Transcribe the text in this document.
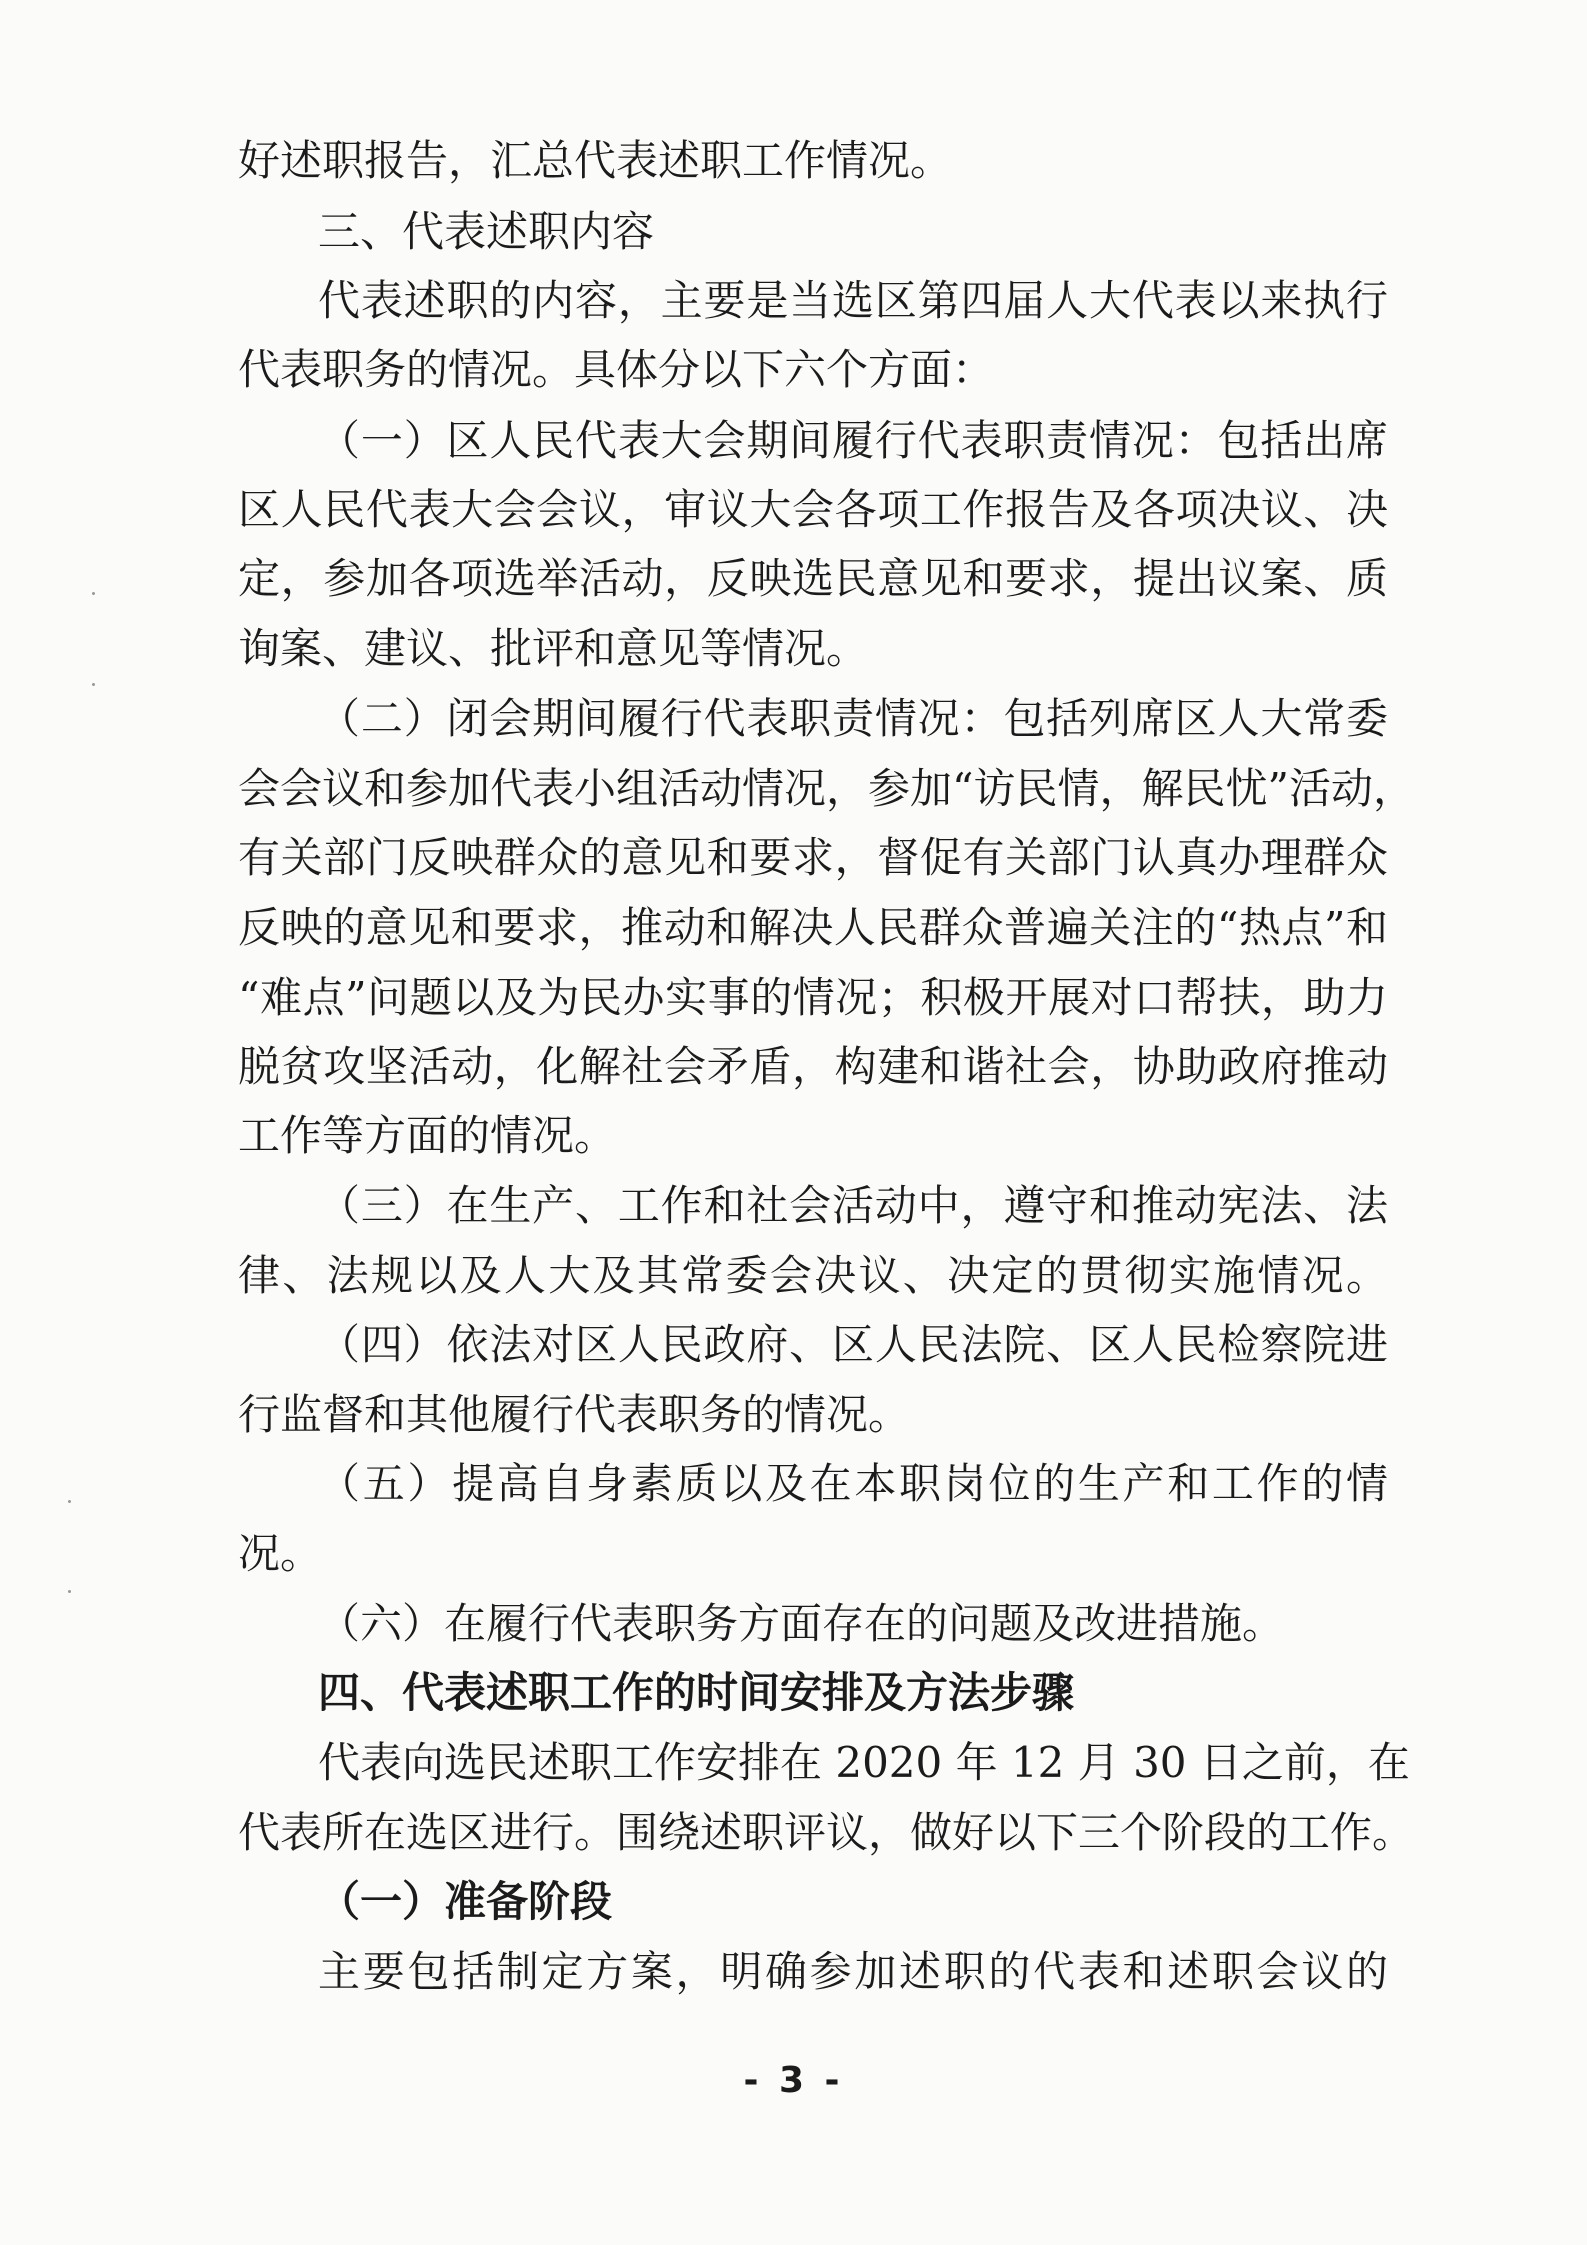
好述职报告，汇总代表述职工作情况。
三、代表述职内容
代表述职的内容，主要是当选区第四届人大代表以来执行
代表职务的情况。具体分以下六个方面：
（一）区人民代表大会期间履行代表职责情况：包括出席
区人民代表大会会议，审议大会各项工作报告及各项决议、决
定，参加各项选举活动，反映选民意见和要求，提出议案、质
询案、建议、批评和意见等情况。
（二）闭会期间履行代表职责情况：包括列席区人大常委
会会议和参加代表小组活动情况，参加“访民情，解民忧”活动，
有关部门反映群众的意见和要求，督促有关部门认真办理群众
反映的意见和要求，推动和解决人民群众普遍关注的“热点”和
“难点”问题以及为民办实事的情况；积极开展对口帮扶，助力
脱贫攻坚活动，化解社会矛盾，构建和谐社会，协助政府推动
工作等方面的情况。
（三）在生产、工作和社会活动中，遵守和推动宪法、法
律、法规以及人大及其常委会决议、决定的贯彻实施情况。
（四）依法对区人民政府、区人民法院、区人民检察院进
行监督和其他履行代表职务的情况。
（五）提高自身素质以及在本职岗位的生产和工作的情
况。
（六）在履行代表职务方面存在的问题及改进措施。
四、代表述职工作的时间安排及方法步骤
代表向选民述职工作安排在 2020 年 12 月 30 日之前，在
代表所在选区进行。围绕述职评议，做好以下三个阶段的工作。
（一）准备阶段
主要包括制定方案，明确参加述职的代表和述职会议的
- 3 -
